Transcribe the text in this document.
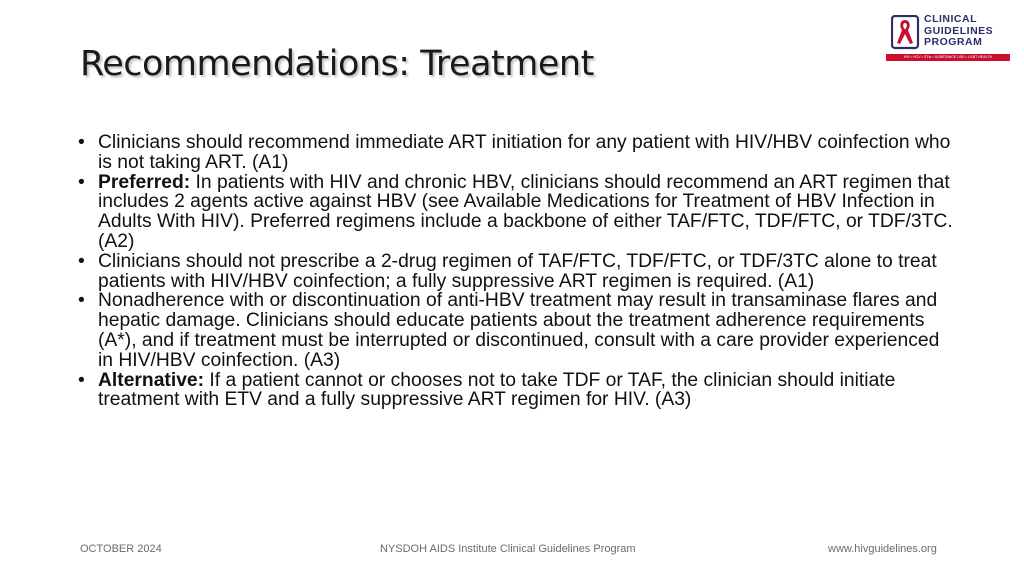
Recommendations: Treatment
CLINICAL
GUIDELINES
PROGRAM
HIV • HCV • STIs • SUBSTANCE USE • LGBT HEALTH
• Clinicians should recommend immediate ART initiation for any patient with HIV/HBV coinfection who is not taking ART. (A1)
• Preferred: In patients with HIV and chronic HBV, clinicians should recommend an ART regimen that includes 2 agents active against HBV (see Available Medications for Treatment of HBV Infection in Adults With HIV). Preferred regimens include a backbone of either TAF/FTC, TDF/FTC, or TDF/3TC. (A2)
• Clinicians should not prescribe a 2-drug regimen of TAF/FTC, TDF/FTC, or TDF/3TC alone to treat patients with HIV/HBV coinfection; a fully suppressive ART regimen is required. (A1)
• Nonadherence with or discontinuation of anti-HBV treatment may result in transaminase flares and hepatic damage. Clinicians should educate patients about the treatment adherence requirements (A*), and if treatment must be interrupted or discontinued, consult with a care provider experienced in HIV/HBV coinfection. (A3)
• Alternative: If a patient cannot or chooses not to take TDF or TAF, the clinician should initiate treatment with ETV and a fully suppressive ART regimen for HIV. (A3)
OCTOBER 2024	NYSDOH AIDS Institute Clinical Guidelines Program	www.hivguidelines.org
